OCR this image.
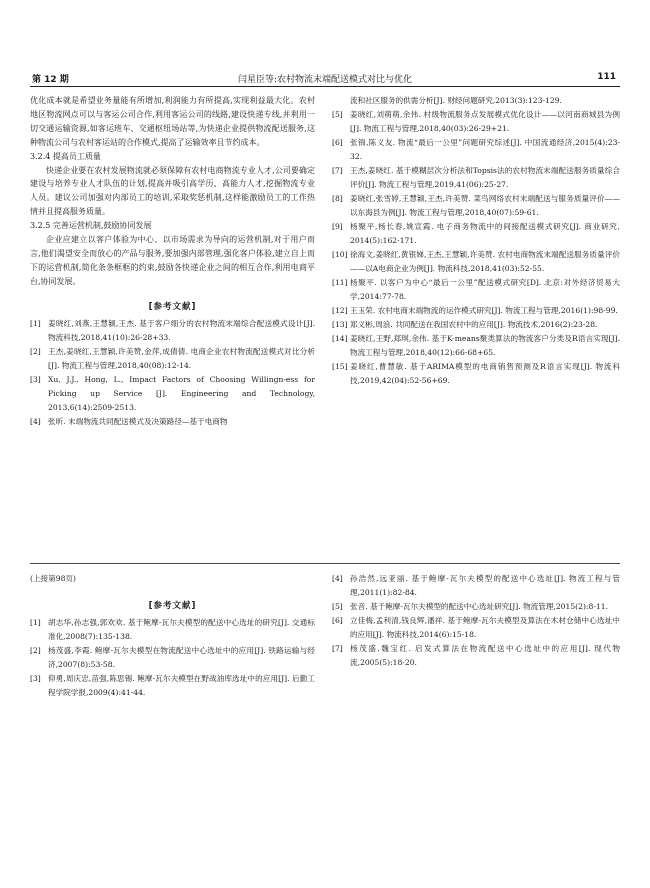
第 12 期	闫星臣等:农村物流末端配送模式对比与优化	111

优化成本就是希望业务量能有所增加,利润能力有所提高,实现利益最大化。农村地区物流网点可以与客运公司合作,利用客运公司的线路,建设快递专线,并利用一切交通运输资源,如客运班车、交通枢纽场站等,为快递企业提供物流配送服务,这种物流公司与农村客运站的合作模式,提高了运输效率且节约成本。

3.2.4 提高员工质量

快递企业要在农村发展物流就必须保障有农村电商物流专业人才,公司要确定建设与培养专业人才队伍的计划,提高并吸引高学历、高能力人才,挖掘物流专业人员。建议公司加强对内部员工的培训,采取奖惩机制,这样能激励员工的工作热情并且提高服务质量。

3.2.5 完善运营机制,鼓励协同发展

企业应建立以客户体验为中心、以市场需求为导向的运营机制,对于用户而言,他们渴望安全而放心的产品与服务,要加强内部管理,强化客户体验,建立自上而下的运营机制,简化条条框框的约束,鼓励各快递企业之间的相互合作,利用电商平台,协同发展。

[参考文献]
[1] 姜晓红,刘燕,王慧颖,王杰. 基于客户细分的农村物流末端综合配送模式设计[J]. 物流科技,2018,41(10):26-28+33.
[2] 王杰,姜晓红,王慧颖,许美赞,金萍,成倩倩. 电商企业农村物流配送模式对比分析[J]. 物流工程与管理,2018,40(08):12-14.
[3] Xu, J.J., Hong, L., Impact Factors of Choosing Willingn-ess for Picking up Service [J]. Engineering and Technology, 2013,6(14):2509-2513.
[4] 张昕. 末端物流共同配送模式及决策路径—基于电商物
流和社区服务的供需分析[J]. 财经问题研究,2013(3):123-129.
[5] 姜晓红,刘萌萌,余伟. 村级物流服务点发展模式优化设计——以河南商城县为例[J]. 物流工程与管理,2018,40(03):26-29+21.
[6] 张锦,陈义友. 物流“最后一公里”问题研究综述[J]. 中国流通经济,2015(4):23-32.
[7] 王杰,姜晓红. 基于模糊层次分析法和Topsis法的农村物流末端配送服务质量综合评价[J]. 物流工程与管理,2019,41(06):25-27.
[8] 姜晓红,张雪婷,王慧颖,王杰,许美赞. 菜鸟网络农村末端配送与服务质量评价——以东海县为例[J]. 物流工程与管理,2018,40(07):59-61.
[9] 杨聚平,杨长春,姚宣霞. 电子商务物流中的间接配送模式研究[J]. 商业研究, 2014(5):162-171.
[10] 徐海文,姜晓红,黄银娣,王杰,王慧颖,许美赞. 农村电商物流末端配送服务质量评价——以A电商企业为例[J]. 物流科技,2018,41(03):52-55.
[11] 杨聚平. 以客户为中心“最后一公里”配送模式研究[D]. 北京:对外经济贸易大学,2014:77-78.
[12] 王玉荣. 农村电商末端物流的运作模式研究[J]. 物流工程与管理,2016(1):98-99.
[13] 郑义彬,周浪. 共同配送在我国农村中的应用[J]. 物流技术,2016(2):23-28.
[14] 姜晓红,王野,郑琪,余伟. 基于K-means聚类算法的物流客户分类及R语言实现[J]. 物流工程与管理,2018,40(12):66-68+65.
[15] 姜晓红,曹慧敏. 基于ARIMA模型的电商销售预测及R语言实现[J]. 物流科技,2019,42(04):52-56+69.
(上接第98页)
[参考文献]
[1] 胡志华,孙志强,郭欢欢. 基于鲍摩-瓦尔夫模型的配送中心选址的研究[J]. 交通标准化,2008(7):135-138.
[2] 杨茂盛,李霞. 鲍摩-瓦尔夫模型在物流配送中心选址中的应用[J]. 铁路运输与经济,2007(8):53-58.
[3] 仰勇,周庆忠,苗强,陈思锡. 鲍摩-瓦尔夫模型在野战油库选址中的应用[J]. 后勤工程学院学报,2009(4):41-44.
[4] 孙浩然,远亚丽. 基于鲍摩-瓦尔夫模型的配送中心选址[J]. 物流工程与管理,2011(1):82-84.
[5] 张音. 基于鲍摩-瓦尔夫模型的配送中心选址研究[J]. 物流管理,2015(2):8-11.
[6] 立佳梅,孟利清,钱良辉,潘祥. 基于鲍摩-瓦尔夫模型及算法在木材仓储中心选址中的应用[J]. 物流科技,2014(6):15-18.
[7] 杨茂盛,魏宝红. 启发式算法在物流配送中心选址中的应用[J]. 现代物流,2005(5):18-20.
